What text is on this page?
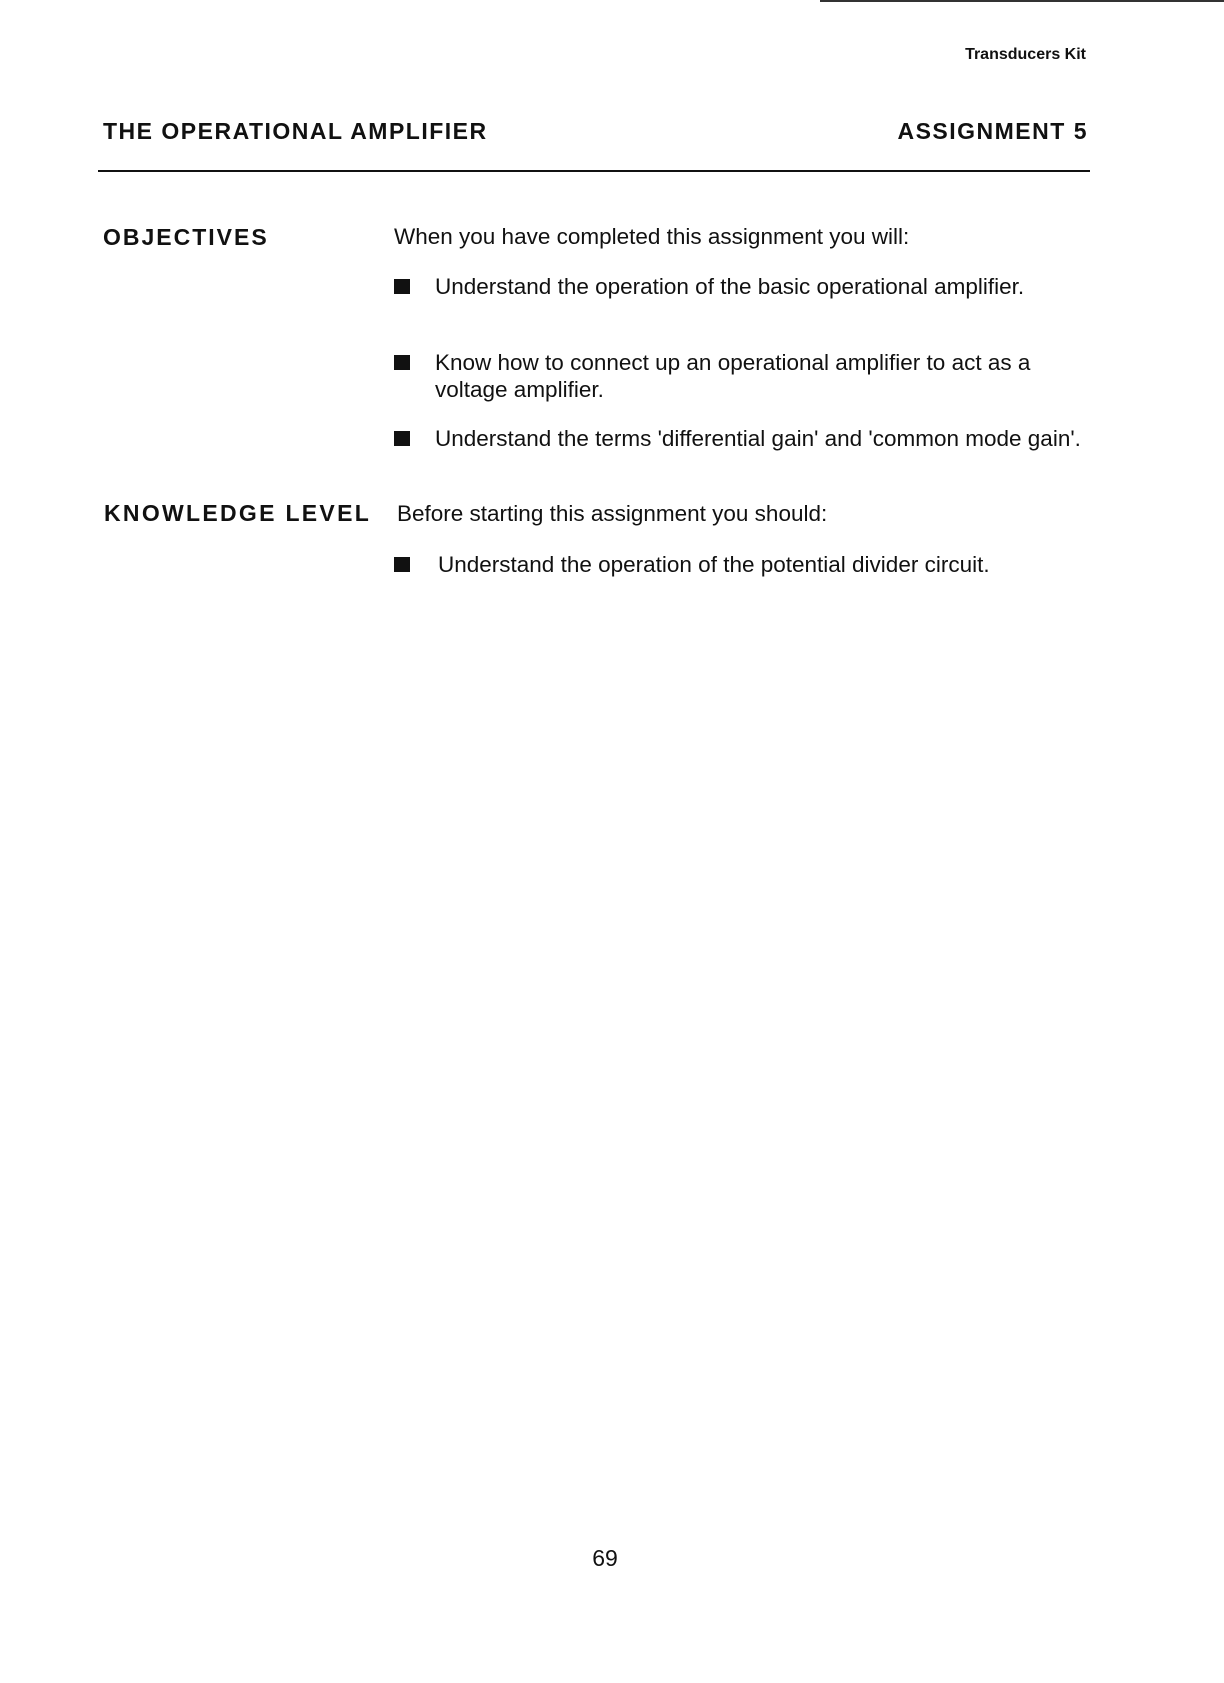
Transducers Kit
THE OPERATIONAL AMPLIFIER	ASSIGNMENT 5
OBJECTIVES	When you have completed this assignment you will:
Understand the operation of the basic operational amplifier.
Know how to connect up an operational amplifier to act as a voltage amplifier.
Understand the terms 'differential gain' and 'common mode gain'.
KNOWLEDGE LEVEL Before starting this assignment you should:
Understand the operation of the potential divider circuit.
69
